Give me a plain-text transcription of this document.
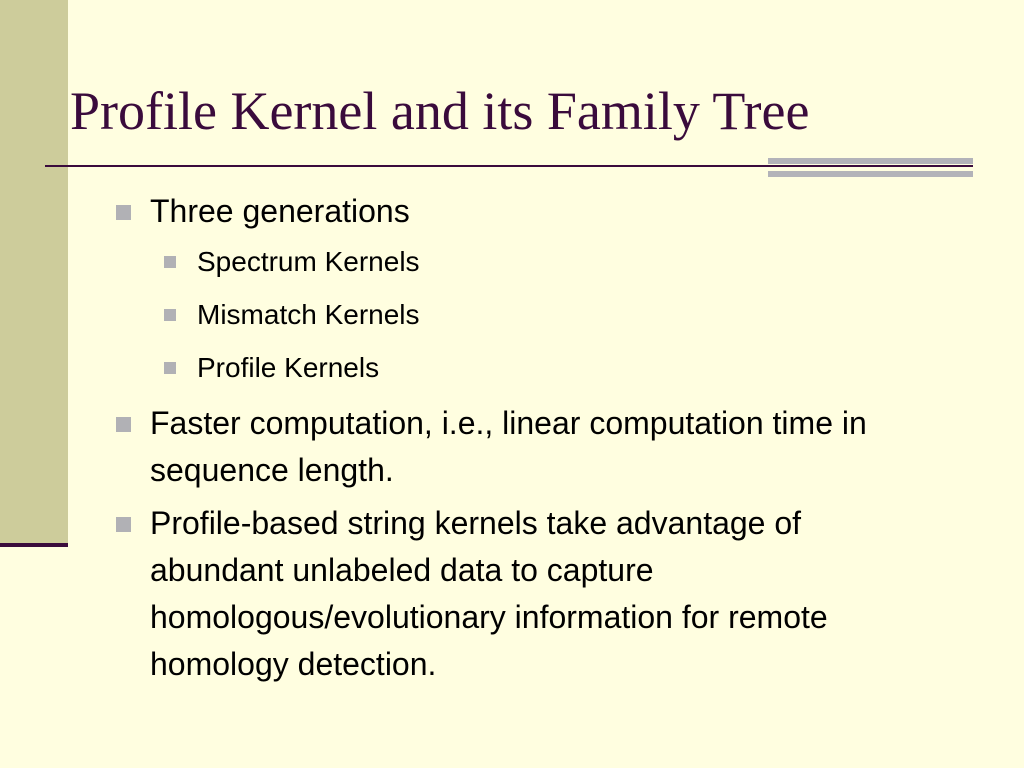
Profile Kernel and its Family Tree
Three generations
Spectrum Kernels
Mismatch Kernels
Profile Kernels
Faster computation, i.e., linear computation time in sequence length.
Profile-based string kernels take advantage of abundant unlabeled data to capture homologous/evolutionary information for remote homology detection.
